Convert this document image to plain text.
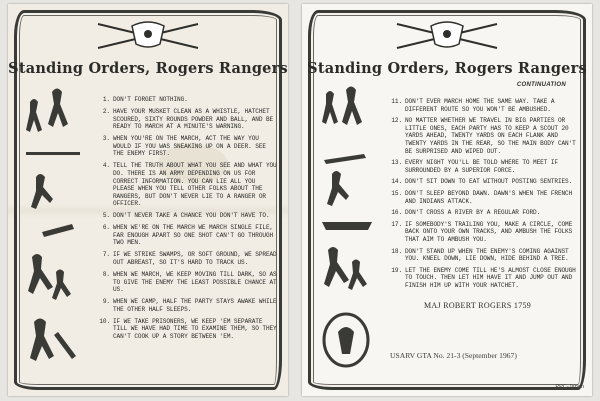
Standing Orders, Rogers Rangers
1. DON'T FORGET NOTHING.
2. HAVE YOUR MUSKET CLEAN AS A WHISTLE, HATCHET SCOURED, SIXTY ROUNDS POWDER AND BALL, AND BE READY TO MARCH AT A MINUTE'S WARNING.
3. WHEN YOU'RE ON THE MARCH, ACT THE WAY YOU WOULD IF YOU WAS SNEAKING UP ON A DEER. SEE THE ENEMY FIRST.
4. TELL THE TRUTH ABOUT WHAT YOU SEE AND WHAT YOU DO. THERE IS AN ARMY DEPENDING ON US FOR CORRECT INFORMATION. YOU CAN LIE ALL YOU PLEASE WHEN YOU TELL OTHER FOLKS ABOUT THE RANGERS, BUT DON'T NEVER LIE TO A RANGER OR OFFICER.
5. DON'T NEVER TAKE A CHANCE YOU DON'T HAVE TO.
6. WHEN WE'RE ON THE MARCH WE MARCH SINGLE FILE, FAR ENOUGH APART SO ONE SHOT CAN'T GO THROUGH TWO MEN.
7. IF WE STRIKE SWAMPS, OR SOFT GROUND, WE SPREAD OUT ABREAST, SO IT'S HARD TO TRACK US.
8. WHEN WE MARCH, WE KEEP MOVING TILL DARK, SO AS TO GIVE THE ENEMY THE LEAST POSSIBLE CHANCE AT US.
9. WHEN WE CAMP, HALF THE PARTY STAYS AWAKE WHILE THE OTHER HALF SLEEPS.
10. IF WE TAKE PRISONERS, WE KEEP 'EM SEPARATE TILL WE HAVE HAD TIME TO EXAMINE THEM, SO THEY CAN'T COOK UP A STORY BETWEEN 'EM.
Standing Orders, Rogers Rangers
CONTINUATION
11. DON'T EVER MARCH HOME THE SAME WAY. TAKE A DIFFERENT ROUTE SO YOU WON'T BE AMBUSHED.
12. NO MATTER WHETHER WE TRAVEL IN BIG PARTIES OR LITTLE ONES, EACH PARTY HAS TO KEEP A SCOUT 20 YARDS AHEAD, TWENTY YARDS ON EACH FLANK AND TWENTY YARDS IN THE REAR, SO THE MAIN BODY CAN'T BE SURPRISED AND WIPED OUT.
13. EVERY NIGHT YOU'LL BE TOLD WHERE TO MEET IF SURROUNDED BY A SUPERIOR FORCE.
14. DON'T SIT DOWN TO EAT WITHOUT POSTING SENTRIES.
15. DON'T SLEEP BEYOND DAWN. DAWN'S WHEN THE FRENCH AND INDIANS ATTACK.
16. DON'T CROSS A RIVER BY A REGULAR FORD.
17. IF SOMEBODY'S TRAILING YOU, MAKE A CIRCLE, COME BACK ONTO YOUR OWN TRACKS, AND AMBUSH THE FOLKS THAT AIM TO AMBUSH YOU.
18. DON'T STAND UP WHEN THE ENEMY'S COMING AGAINST YOU. KNEEL DOWN, LIE DOWN, HIDE BEHIND A TREE.
19. LET THE ENEMY COME TILL HE'S ALMOST CLOSE ENOUGH TO TOUCH. THEN LET HIM HAVE IT AND JUMP OUT AND FINISH HIM UP WITH YOUR HATCHET.
MAJ ROBERT ROGERS 1759
USARV GTA No. 21-3 (September 1967)
PPC-Japan
